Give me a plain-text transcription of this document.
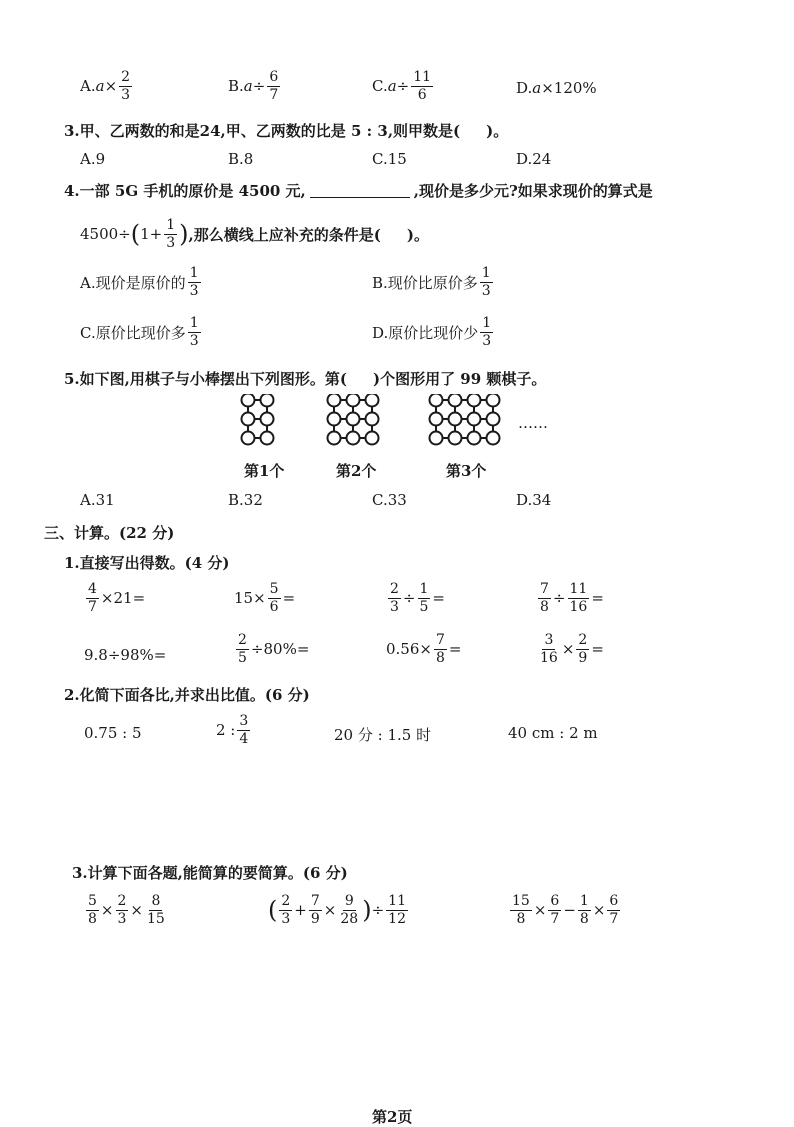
A. $a \times \frac{2}{3}$	B. $a \div \frac{6}{7}$	C. $a \div \frac{11}{6}$	D. a ×120%
3.甲、乙两数的和是24,甲、乙两数的比是 5 : 3,则甲数是( )。
A.9	B.8	C.15	D.24
4.一部 5G 手机的原价是 4500 元,	,现价是多少元?如果求现价的算式是
4500÷ ( $1+ \frac{1}{3}$ ) ,那么横线上应补充的条件是( )。
A.现价是原价的 $\frac{1}{3}$	B.现价比原价多 $\frac{1}{3}$
C.原价比现价多 $\frac{1}{3}$	D.原价比现价少 $\frac{1}{3}$
5.如下图,用棋子与小棒摆出下列图形。第( )个图形用了 99 颗棋子。
……
第1个	第2个	第3个
A.31	B.32	C.33	D.34
三、计算。(22 分)
1.直接写出得数。(4 分)
$\frac{4}{7} \times 21=$	$15\times \frac{5}{6}$ =	$\frac{2}{3} \div \frac{1}{5}$ =	$\frac{7}{8} \div \frac{11}{16}$ =
9.8÷98%=	$\frac{2}{5} \div 80\%=$	$0.56\times \frac{7}{8}$ =	$\frac{3}{16} \times \frac{2}{9}$ =
2.化简下面各比,并求出比值。(6 分)
0.75 : 5	2 : $\frac{3}{4}$	20 分 : 1.5 时	40 cm : 2 m
3.计算下面各题,能简算的要简算。(6 分)
$\frac{5}{8} \times \frac{2}{3} \times \frac{8}{15}$	( $\frac{2}{3} + \frac{7}{9} \times \frac{9}{28}$ ) ÷ $\frac{11}{12}$	$\frac{15}{8} \times \frac{6}{7} - \frac{1}{8} \times \frac{6}{7}$
第2页
